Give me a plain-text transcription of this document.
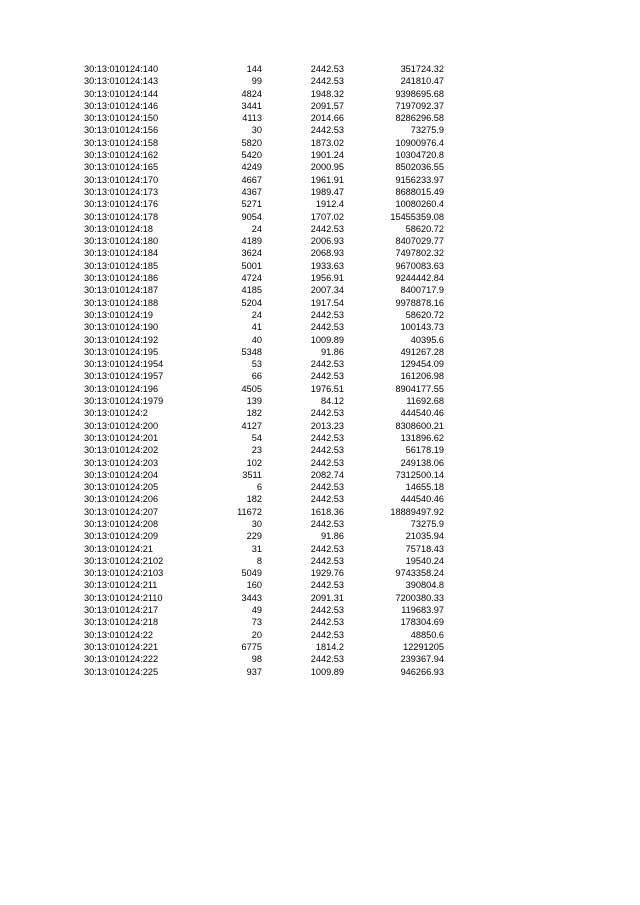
30:13:010124:140	144	2442.53	351724.32
30:13:010124:143	99	2442.53	241810.47
30:13:010124:144	4824	1948.32	9398695.68
30:13:010124:146	3441	2091.57	7197092.37
30:13:010124:150	4113	2014.66	8286296.58
30:13:010124:156	30	2442.53	73275.9
30:13:010124:158	5820	1873.02	10900976.4
30:13:010124:162	5420	1901.24	10304720.8
30:13:010124:165	4249	2000.95	8502036.55
30:13:010124:170	4667	1961.91	9156233.97
30:13:010124:173	4367	1989.47	8688015.49
30:13:010124:176	5271	1912.4	10080260.4
30:13:010124:178	9054	1707.02	15455359.08
30:13:010124:18	24	2442.53	58620.72
30:13:010124:180	4189	2006.93	8407029.77
30:13:010124:184	3624	2068.93	7497802.32
30:13:010124:185	5001	1933.63	9670083.63
30:13:010124:186	4724	1956.91	9244442.84
30:13:010124:187	4185	2007.34	8400717.9
30:13:010124:188	5204	1917.54	9978878.16
30:13:010124:19	24	2442.53	58620.72
30:13:010124:190	41	2442.53	100143.73
30:13:010124:192	40	1009.89	40395.6
30:13:010124:195	5348	91.86	491267.28
30:13:010124:1954	53	2442.53	129454.09
30:13:010124:1957	66	2442.53	161206.98
30:13:010124:196	4505	1976.51	8904177.55
30:13:010124:1979	139	84.12	11692.68
30:13:010124:2	182	2442.53	444540.46
30:13:010124:200	4127	2013.23	8308600.21
30:13:010124:201	54	2442.53	131896.62
30:13:010124:202	23	2442.53	56178.19
30:13:010124:203	102	2442.53	249138.06
30:13:010124:204	3511	2082.74	7312500.14
30:13:010124:205	6	2442.53	14655.18
30:13:010124:206	182	2442.53	444540.46
30:13:010124:207	11672	1618.36	18889497.92
30:13:010124:208	30	2442.53	73275.9
30:13:010124:209	229	91.86	21035.94
30:13:010124:21	31	2442.53	75718.43
30:13:010124:2102	8	2442.53	19540.24
30:13:010124:2103	5049	1929.76	9743358.24
30:13:010124:211	160	2442.53	390804.8
30:13:010124:2110	3443	2091.31	7200380.33
30:13:010124:217	49	2442.53	119683.97
30:13:010124:218	73	2442.53	178304.69
30:13:010124:22	20	2442.53	48850.6
30:13:010124:221	6775	1814.2	12291205
30:13:010124:222	98	2442.53	239367.94
30:13:010124:225	937	1009.89	946266.93
